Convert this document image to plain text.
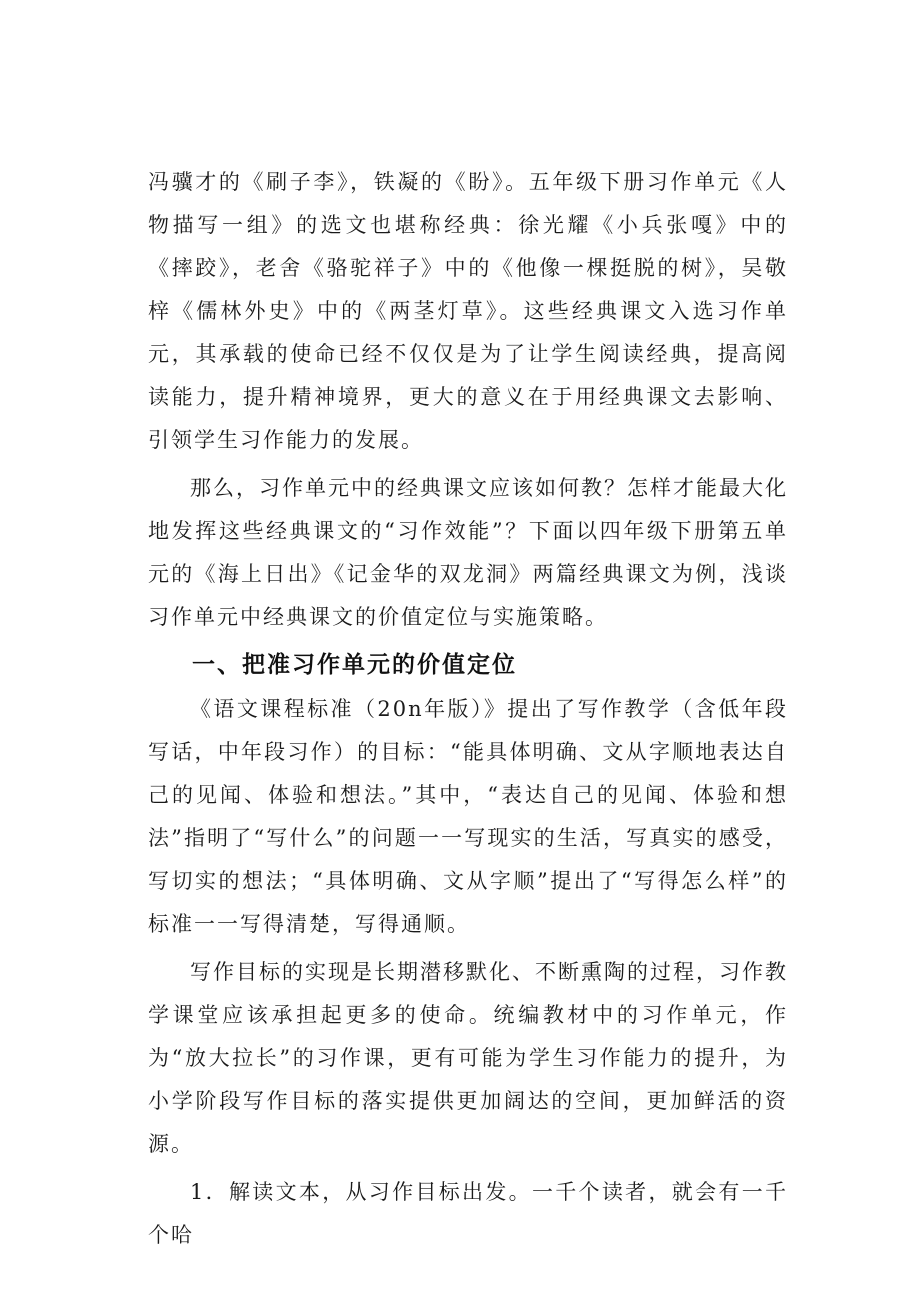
冯骥才的《刷子李》，铁凝的《盼》。五年级下册习作单元《人物描写一组》的选文也堪称经典：徐光耀《小兵张嘎》中的《摔跤》，老舍《骆驼祥子》中的《他像一棵挺脱的树》，吴敬梓《儒林外史》中的《两茎灯草》。这些经典课文入选习作单元，其承载的使命已经不仅仅是为了让学生阅读经典，提高阅读能力，提升精神境界，更大的意义在于用经典课文去影响、引领学生习作能力的发展。

那么，习作单元中的经典课文应该如何教？怎样才能最大化地发挥这些经典课文的“习作效能”？下面以四年级下册第五单元的《海上日出》《记金华的双龙洞》两篇经典课文为例，浅谈习作单元中经典课文的价值定位与实施策略。

一、把准习作单元的价值定位

《语文课程标准（20n年版）》提出了写作教学（含低年段写话，中年段习作）的目标：“能具体明确、文从字顺地表达自己的见闻、体验和想法。”其中，“表达自己的见闻、体验和想法”指明了“写什么”的问题一一写现实的生活，写真实的感受，写切实的想法；“具体明确、文从字顺”提出了“写得怎么样”的标准一一写得清楚，写得通顺。

写作目标的实现是长期潜移默化、不断熏陶的过程，习作教学课堂应该承担起更多的使命。统编教材中的习作单元，作为“放大拉长”的习作课，更有可能为学生习作能力的提升，为小学阶段写作目标的落实提供更加阔达的空间，更加鲜活的资源。

1．解读文本，从习作目标出发。一千个读者，就会有一千个哈
